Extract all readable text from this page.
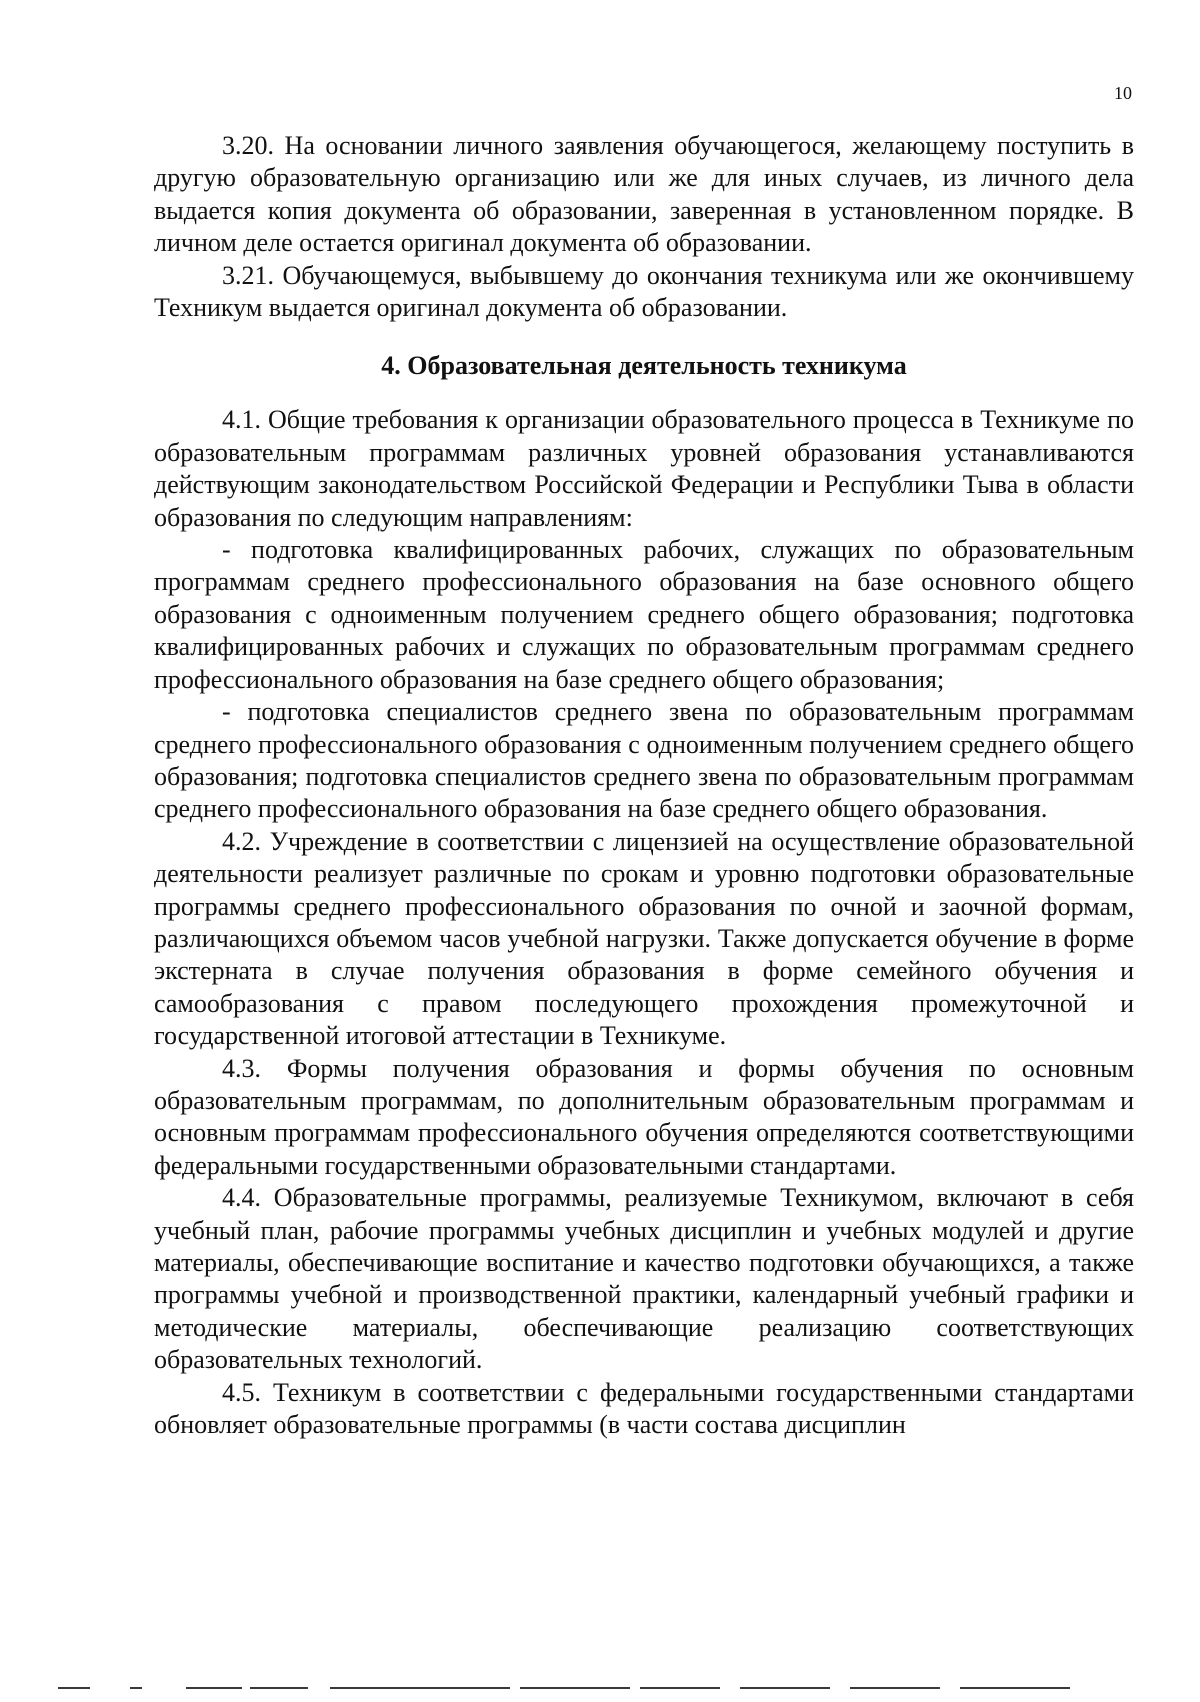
10

3.20. На основании личного заявления обучающегося, желающему поступить в другую образовательную организацию или же для иных случаев, из личного дела выдается копия документа об образовании, заверенная в установленном порядке. В личном деле остается оригинал документа об образовании.

3.21. Обучающемуся, выбывшему до окончания техникума или же окончившему Техникум выдается оригинал документа об образовании.

4. Образовательная деятельность техникума

4.1. Общие требования к организации образовательного процесса в Техникуме по образовательным программам различных уровней образования устанавливаются действующим законодательством Российской Федерации и Республики Тыва в области образования по следующим направлениям:

- подготовка квалифицированных рабочих, служащих по образовательным программам среднего профессионального образования на базе основного общего образования с одноименным получением среднего общего образования; подготовка квалифицированных рабочих и служащих по образовательным программам среднего профессионального образования на базе среднего общего образования;

- подготовка специалистов среднего звена по образовательным программам среднего профессионального образования с одноименным получением среднего общего образования; подготовка специалистов среднего звена по образовательным программам среднего профессионального образования на базе среднего общего образования.

4.2. Учреждение в соответствии с лицензией на осуществление образовательной деятельности реализует различные по срокам и уровню подготовки образовательные программы среднего профессионального образования по очной и заочной формам, различающихся объемом часов учебной нагрузки. Также допускается обучение в форме экстерната в случае получения образования в форме семейного обучения и самообразования с правом последующего прохождения промежуточной и государственной итоговой аттестации в Техникуме.

4.3. Формы получения образования и формы обучения по основным образовательным программам, по дополнительным образовательным программам и основным программам профессионального обучения определяются соответствующими федеральными государственными образовательными стандартами.

4.4. Образовательные программы, реализуемые Техникумом, включают в себя учебный план, рабочие программы учебных дисциплин и учебных модулей и другие материалы, обеспечивающие воспитание и качество подготовки обучающихся, а также программы учебной и производственной практики, календарный учебный графики и методические материалы, обеспечивающие реализацию соответствующих образовательных технологий.

4.5. Техникум в соответствии с федеральными государственными стандартами обновляет образовательные программы (в части состава дисциплин
